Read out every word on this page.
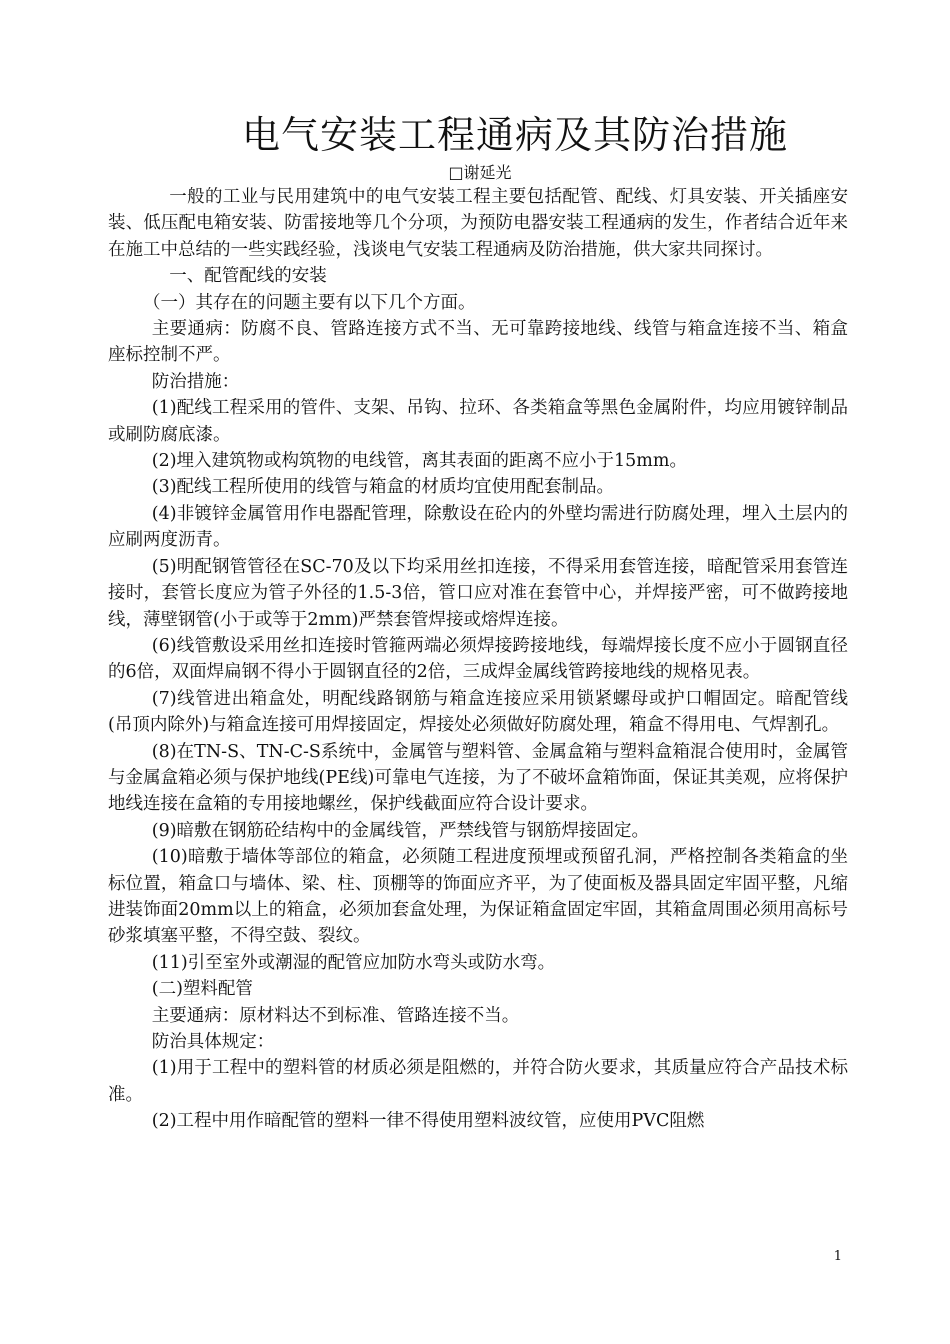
电气安装工程通病及其防治措施
□谢延光

一般的工业与民用建筑中的电气安装工程主要包括配管、配线、灯具安装、开关插座安装、低压配电箱安装、防雷接地等几个分项，为预防电器安装工程通病的发生，作者结合近年来在施工中总结的一些实践经验，浅谈电气安装工程通病及防治措施，供大家共同探讨。

一、配管配线的安装

（一）其存在的问题主要有以下几个方面。

主要通病：防腐不良、管路连接方式不当、无可靠跨接地线、线管与箱盒连接不当、箱盒座标控制不严。

防治措施：

(1)配线工程采用的管件、支架、吊钩、拉环、各类箱盒等黑色金属附件，均应用镀锌制品或刷防腐底漆。

(2)埋入建筑物或构筑物的电线管，离其表面的距离不应小于15mm。

(3)配线工程所使用的线管与箱盒的材质均宜使用配套制品。

(4)非镀锌金属管用作电器配管理，除敷设在砼内的外壁均需进行防腐处理，埋入土层内的应刷两度沥青。

(5)明配钢管管径在SC-70及以下均采用丝扣连接，不得采用套管连接，暗配管采用套管连接时，套管长度应为管子外径的1.5-3倍，管口应对准在套管中心，并焊接严密，可不做跨接地线，薄壁钢管(小于或等于2mm)严禁套管焊接或熔焊连接。

(6)线管敷设采用丝扣连接时管箍两端必须焊接跨接地线，每端焊接长度不应小于圆钢直径的6倍，双面焊扁钢不得小于圆钢直径的2倍，三成焊金属线管跨接地线的规格见表。

(7)线管进出箱盒处，明配线路钢筋与箱盒连接应采用锁紧螺母或护口帽固定。暗配管线(吊顶内除外)与箱盒连接可用焊接固定，焊接处必须做好防腐处理，箱盒不得用电、气焊割孔。

(8)在TN-S、TN-C-S系统中，金属管与塑料管、金属盒箱与塑料盒箱混合使用时，金属管与金属盒箱必须与保护地线(PE线)可靠电气连接，为了不破坏盒箱饰面，保证其美观，应将保护地线连接在盒箱的专用接地螺丝，保护线截面应符合设计要求。

(9)暗敷在钢筋砼结构中的金属线管，严禁线管与钢筋焊接固定。

(10)暗敷于墙体等部位的箱盒，必须随工程进度预埋或预留孔洞，严格控制各类箱盒的坐标位置，箱盒口与墙体、梁、柱、顶棚等的饰面应齐平，为了使面板及器具固定牢固平整，凡缩进装饰面20mm以上的箱盒，必须加套盒处理，为保证箱盒固定牢固，其箱盒周围必须用高标号砂浆填塞平整，不得空鼓、裂纹。

(11)引至室外或潮湿的配管应加防水弯头或防水弯。

(二)塑料配管

主要通病：原材料达不到标准、管路连接不当。

防治具体规定：

(1)用于工程中的塑料管的材质必须是阻燃的，并符合防火要求，其质量应符合产品技术标准。

(2)工程中用作暗配管的塑料一律不得使用塑料波纹管，应使用PVC阻燃

1
